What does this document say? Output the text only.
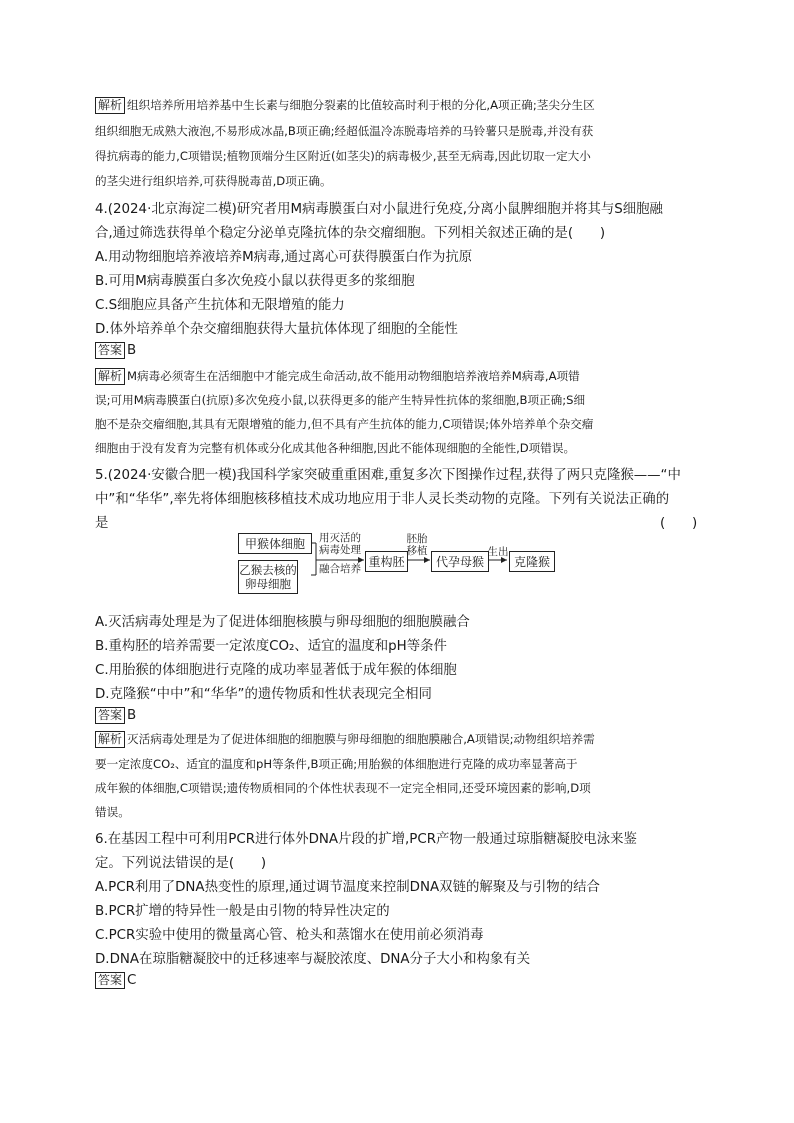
解析 组织培养所用培养基中生长素与细胞分裂素的比值较高时利于根的分化,A项正确;茎尖分生区
组织细胞无成熟大液泡,不易形成冰晶,B项正确;经超低温冷冻脱毒培养的马铃薯只是脱毒,并没有获
得抗病毒的能力,C项错误;植物顶端分生区附近(如茎尖)的病毒极少,甚至无病毒,因此切取一定大小
的茎尖进行组织培养,可获得脱毒苗,D项正确。
4.(2024·北京海淀二模)研究者用M病毒膜蛋白对小鼠进行免疫,分离小鼠脾细胞并将其与S细胞融
合,通过筛选获得单个稳定分泌单克隆抗体的杂交瘤细胞。下列相关叙述正确的是(　　)
A.用动物细胞培养液培养M病毒,通过离心可获得膜蛋白作为抗原
B.可用M病毒膜蛋白多次免疫小鼠以获得更多的浆细胞
C.S细胞应具备产生抗体和无限增殖的能力
D.体外培养单个杂交瘤细胞获得大量抗体体现了细胞的全能性
答案 B
解析 M病毒必须寄生在活细胞中才能完成生命活动,故不能用动物细胞培养液培养M病毒,A项错
误;可用M病毒膜蛋白(抗原)多次免疫小鼠,以获得更多的能产生特异性抗体的浆细胞,B项正确;S细
胞不是杂交瘤细胞,其具有无限增殖的能力,但不具有产生抗体的能力,C项错误;体外培养单个杂交瘤
细胞由于没有发育为完整有机体或分化成其他各种细胞,因此不能体现细胞的全能性,D项错误。
5.(2024·安徽合肥一模)我国科学家突破重重困难,重复多次下图操作过程,获得了两只克隆猴——“中
中”和“华华”,率先将体细胞核移植技术成功地应用于非人灵长类动物的克隆。下列有关说法正确的
是	(　　)
甲猴体细胞
乙猴去核的卵母细胞
用灭活的病毒处理
融合培养
重构胚
胚胎移植
代孕母猴
生出
克隆猴
A.灭活病毒处理是为了促进体细胞核膜与卵母细胞的细胞膜融合
B.重构胚的培养需要一定浓度CO₂、适宜的温度和pH等条件
C.用胎猴的体细胞进行克隆的成功率显著低于成年猴的体细胞
D.克隆猴“中中”和“华华”的遗传物质和性状表现完全相同
答案 B
解析 灭活病毒处理是为了促进体细胞的细胞膜与卵母细胞的细胞膜融合,A项错误;动物组织培养需
要一定浓度CO₂、适宜的温度和pH等条件,B项正确;用胎猴的体细胞进行克隆的成功率显著高于
成年猴的体细胞,C项错误;遗传物质相同的个体性状表现不一定完全相同,还受环境因素的影响,D项
错误。
6.在基因工程中可利用PCR进行体外DNA片段的扩增,PCR产物一般通过琼脂糖凝胶电泳来鉴
定。下列说法错误的是(　　)
A.PCR利用了DNA热变性的原理,通过调节温度来控制DNA双链的解聚及与引物的结合
B.PCR扩增的特异性一般是由引物的特异性决定的
C.PCR实验中使用的微量离心管、枪头和蒸馏水在使用前必须消毒
D.DNA在琼脂糖凝胶中的迁移速率与凝胶浓度、DNA分子大小和构象有关
答案 C
